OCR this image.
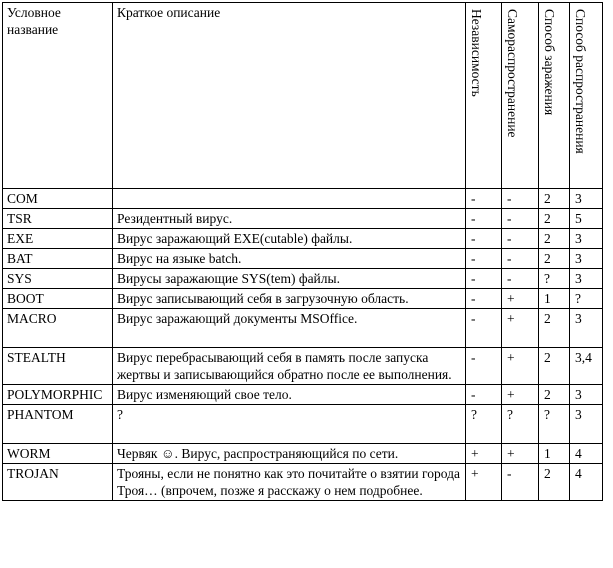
Условное название	Краткое описание	Независимость	Самораспространение	Способ заражения	Способ распространения

COM		-	-	2	3
TSR	Резидентный вирус.	-	-	2	5
EXE	Вирус заражающий EXE(cutable) файлы.	-	-	2	3
BAT	Вирус на языке batch.	-	-	2	3
SYS	Вирусы заражающие SYS(tem) файлы.	-	-	?	3
BOOT	Вирус записывающий себя в загрузочную область.	-	+	1	?
MACRO	Вирус заражающий документы MSOffice.	-	+	2	3
STEALTH	Вирус перебрасывающий себя в память после запуска жертвы и записывающийся обратно после ее выполнения.	-	+	2	3,4
POLYMORPHIC	Вирус изменяющий свое тело.	-	+	2	3
PHANTOM	?	?	?	?	3
WORM	Червяк ☺. Вирус, распространяющийся по сети.	+	+	1	4
TROJAN	Трояны, если не понятно как это почитайте о взятии города Троя… (впрочем, позже я расскажу о нем подробнее.	+	-	2	4
